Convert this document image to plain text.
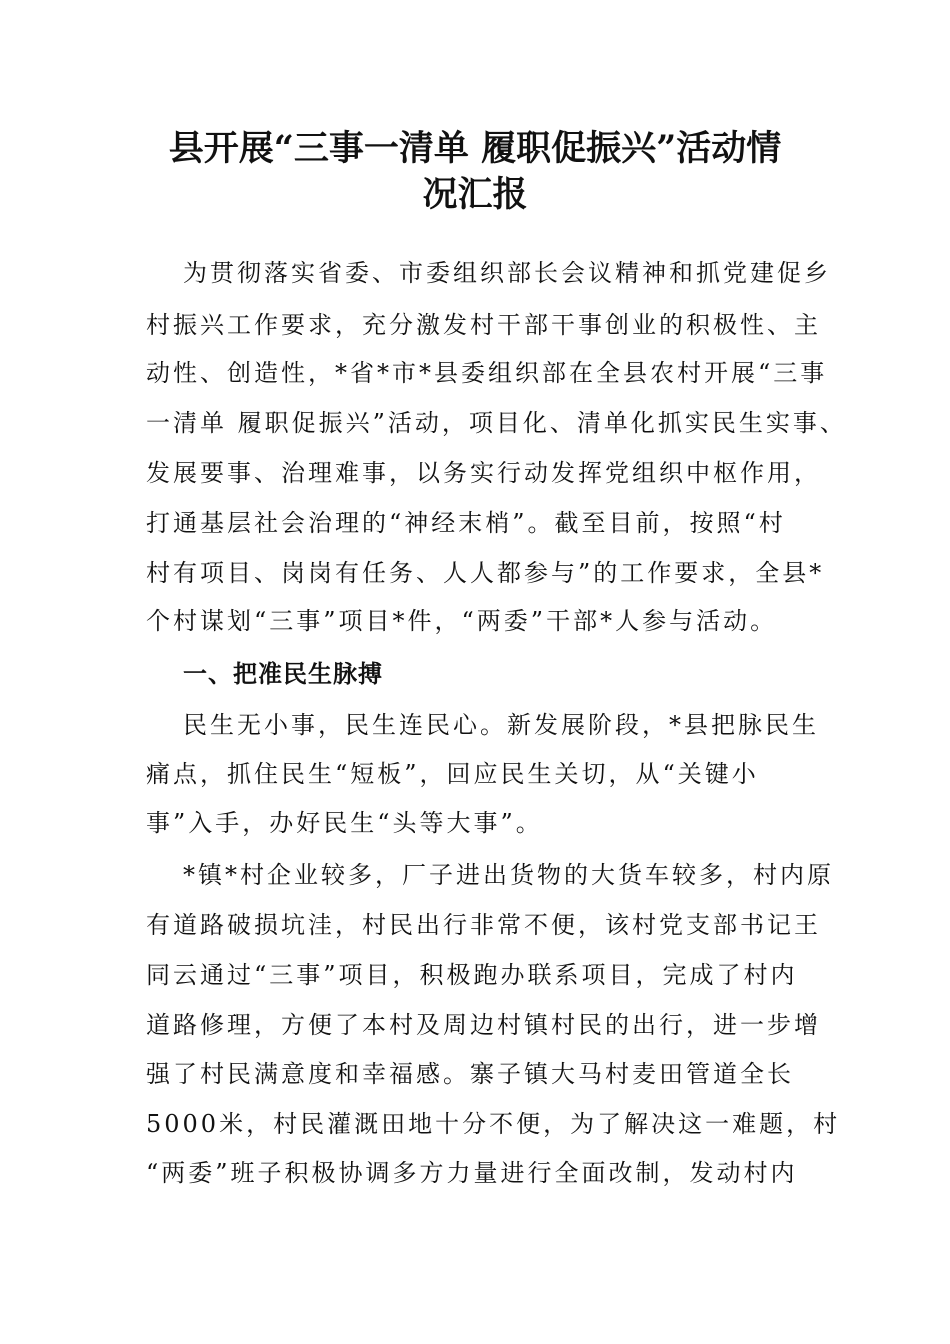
县开展“三事一清单 履职促振兴”活动情
况汇报
为贯彻落实省委、市委组织部长会议精神和抓党建促乡
村振兴工作要求，充分激发村干部干事创业的积极性、主
动性、创造性，*省*市*县委组织部在全县农村开展“三事
一清单 履职促振兴”活动，项目化、清单化抓实民生实事、
发展要事、治理难事，以务实行动发挥党组织中枢作用，
打通基层社会治理的“神经末梢”。截至目前，按照“村
村有项目、岗岗有任务、人人都参与”的工作要求，全县*
个村谋划“三事”项目*件，“两委”干部*人参与活动。
一、把准民生脉搏
民生无小事，民生连民心。新发展阶段，*县把脉民生
痛点，抓住民生“短板”，回应民生关切，从“关键小
事”入手，办好民生“头等大事”。
*镇*村企业较多，厂子进出货物的大货车较多，村内原
有道路破损坑洼，村民出行非常不便，该村党支部书记王
同云通过“三事”项目，积极跑办联系项目，完成了村内
道路修理，方便了本村及周边村镇村民的出行，进一步增
强了村民满意度和幸福感。寨子镇大马村麦田管道全长
5000米，村民灌溉田地十分不便，为了解决这一难题，村
“两委”班子积极协调多方力量进行全面改制，发动村内
